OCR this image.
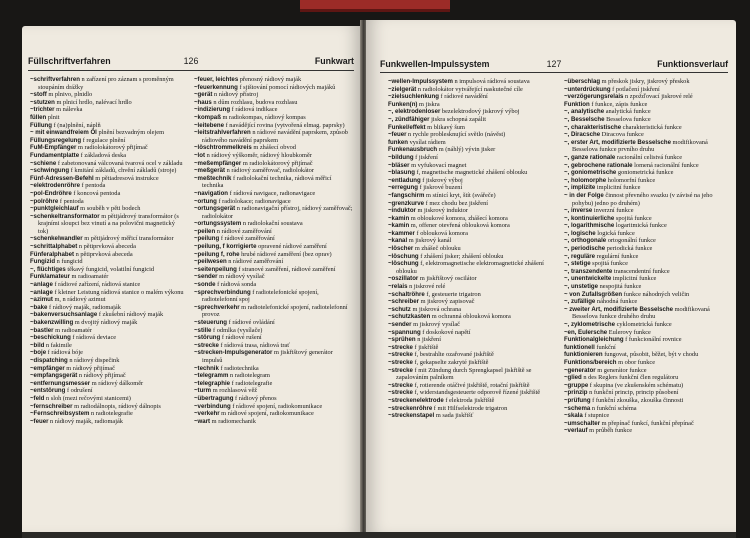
Füllschriftverfahren	126	Funkwart
~schriftverfahren n zařízení pro záznam s proměnným stoupáním drážky
~stoff m plnivo, plnidlo
~stutzen m plnicí hrdlo, nalévací hrdlo
~trichter m nálevka
füllen plnit
Füllung f (na)plnění, náplň
~ mit einwandfreiem Öl plnění bezvadným olejem
Füllungsregelung f regulace plnění
FuM-Empfänger m radiolokátorový přijímač
Fundamentplatte f základová deska
~schiene f zabetonovaná válcovaná tvarová ocel v základu
~schwingung f kmitání základů, chvění základů (stroje)
Fünf-Adressen-Befehl m pětiadresová instrukce
~elektrodenröhre f pentoda
~pol-Endröhre f koncová pentoda
~polröhre f pentoda
~punktgleichlauf m souběh v pěti bodech
~schenkeltransformator m pětijádrový transformátor (s krajními sloupci bez vinutí a na polovični magnetický tok)
~schenkelwandler m pětijádrový měřicí transformátor
~schrittalphabet n pětiprvková abeceda
Fünferalphabet n pětiprvková abeceda
Fungizid n fungicid
~, flüchtiges těkavý fungicid, volatilní fungicid
Funk/amateur m radioamatér
~anlage f rádiové zařízení, rádiová stanice
~anlage f kleiner Leistung rádiová stanice o malém výkonu
~azimut m, n rádiový azimut
~bake f rádiový maják, radiomaják
~bakenversuchsanlage f zkušební rádiový maják
~bakenzwilling m dvojitý rádiový maják
~bastler m radioamatér
~beschickung f rádiová deviace
~bild n fakimile
~boje f rádiová bóje
~dispatching n rádiový dispečink
~empfänger m rádiový přijímač
~empfangsgerät n rádiový přijímač
~entfernungsmesser m rádiový dálkoměr
~entstörung f odrušení
~feld n sloh (mezi rečovými stanicemi)
~fernschreiber m radiodálnopis, rádiový dálnopis
~Fernschreibsystem n radiotelegrafie
~feuer n rádiový maják, radiomaják
~feuer, leichtes přenosný rádiový maják
~feuerkennung f sjištování pomocí rádiových majáků
~gerät n rádiový přístroj
~haus n dům rozhlasu, budova rozhlasu
~indizierung f rádiová indikace
~kompaß m radiokompas, rádiový kompas
~leitebene f navádějící rovina (vytvořená elmag. paprsky)
~leitstrahlverfahren n rádiové navádění paprskem, způsob rádiového navádění paprskem
~löschtrommelkreis m zhášecí obvod
~lot n rádiový výškoměr, rádiový hloubkoměr
~meßempfänger m radiolokátorový přijímač
~meßgerät n rádiový zaměřovač, radiolokátor
~meßtechnik f radiolokační technika, rádiová měřicí technika
~navigation f rádiová navigace, radionavigace
~ortung f radiolokace; radionavigace
~ortungsgerät n radionavigační přístroj, rádiový zaměřovač; radiolokátor
~ortungssystem n radiolokační soustava
~peilen n rádiové zaměřování
~peilung f rádiové zaměřování
~peilung, f korrigierte opravené rádiové zaměření
~peilung f, rohe hrubé rádiové zaměření (bez oprav)
~peilwesen n rádiové zaměřování
~seitenpeilung f stranové zaměření, rádiové zaměření
~sender m rádiový vysílač
~sonde f rádiová sonda
~sprechverbindung f radiotelefonické spojení, radiotelefonní spoj
~sprechverkehr m radiotelefonické spojení, radiotelefonní provoz
~steuerung f rádiové ovládání
~stille f odmlka (vysílače)
~störung f rádiové rušení
~strecke f rádiová trasa, rádiová trať
~strecken-Impulsgenerator m jiskřištový generátor impulsů
~technik f radiotechnika
~telegramm n radiotelegram
~telegraphie f radiotelegrafie
~turm m rozhlasová věž
~übertragung f rádiový přenos
~verbindung f rádiové spojení, radiokomunikace
~verkehr m rádiové spojení, radiokomunikace
~wart m radiomechanik
Funkwellen-Impulssystem	127	Funktionsverlauf
~wellen-Impulssystem n impulsová rádiová soustava
~zielgerät n radiolokátor vytvářející naskutečné cíle
~zielsuchlenkung f rádiové navádění
Funken(n) m jiskra
~, elektrodenloser bezelektrodový jiskrový výboj
~, zündfähiger jiskra schopná zapálit
Funkel/effekt m blikavý šum
~feuer n rychle problesknující světlo (návěst)
funken vysílat rádiem
Funkenausbruch m (náhlý) vývin jisker
~bildung f jiskření
~bläser m vyfukovací magnet
~blasung f, magnetische magnetické zhášení oblouku
~entladung f jiskrový výboj
~erregung f jiskrové buzení
~fangschirm m stínicí kryt, štít (svářeče)
~grenzkurve f mez chodu bez jiskření
~induktor m jiskrový induktor
~kamin m obloukové komora, zhášecí komora
~kamin m, offener otevřená oblouková komora
~kammer f oblouková komora
~kanal m jiskrový kanál
~löscher m zhášeč oblouku
~löschung f zhášení jisker; zhášení oblouku
~löschung f, elektromagnetische elektromagnetické zhášení oblouku
~oszillator m jiskřištový oscilátor
~relais n jiskrové relé
~schaltröhre f, gesteuerte trigatron
~schreiber m jiskrový zapisovač
~schutz m jiskrová ochrana
~schutzkasten m ochranná oblouková komora
~sender m jiskrový vysílač
~spannung f doskokové napětí
~sprühen n jiskření
~strecke f jiskřiště
~strecke f, bestrahlte ozařované jiskřiště
~strecke f, gekapselte zakryté jiskřiště
~strecke f mit Zündung durch Sprengkapsel jiskřiště se zapalováním palníkem
~strecke f, rotierende otáčivé jiskřiště, rotační jiskřiště
~strecke f, widerstandsgesteuerte odporově řízené jiskřiště
~streckenelektrode f elektroda jiskřiště
~streckenröhre f mit Hilfselektrode trigatron
~streckenstapel m sada jiskřišť
~überschlag m přeskok jiskry, jiskrový přeskok
~unterdrückung f potlačení jiskření
~verzögerungsrelais n zpožďovací jiskrové relé
Funktion f funkce, zápis funkce
~, analytische analytická funkce
~, Besselsche Besselova funkce
~, charakteristische charakteristická funkce
~, Diracsche Diracova funkce
~, erster Art, modifizierte Besselsche modifikovaná Besselova funkce prvního druhu
~, ganze rationale racionální celistvá funkce
~, gebrochene rationale lomená racionální funkce
~, goniometrische goniometrická funkce
~, holomorphe holomorfní funkce
~, implizite implicitní funkce
~ in der Folge činnost převného svazku (v závisé na jeho pohybu) jedno po druhém)
~, inverse inverzní funkce
~, kontinuierliche spojitá funkce
~, logarithmische logaritmická funkce
~, logische logická funkce
~, orthogonale ortogonální funkce
~, periodische periodická funkce
~, reguläre regulární funkce
~, stetige spojitá funkce
~, transzendente transcendentní funkce
~, unentwickelte implicitní funkce
~, unstetige nespojitá funkce
~ von Zufallsgrößen funkce náhodných veličin
~, zufällige náhodná funkce
~ zweiter Art, modifizierte Besselsche modifikovaná Besselova funkce druhého druhu
~, zyklometrische cyklometrická funkce
~en, Eulersche Eulerovy funkce
Funktionalgleichung f funkcionální rovnice
funktionell funkční
funktionieren fungovat, působit, běžet, být v chodu
Funktions/bereich m obor funkce
~generator m generátor funkce
~glied n des Reglers funkční člen regulátoru
~gruppe f skupina (ve zkušenském schématu)
~prinzip n funkční princip, princip působení
~prüfung f funkční zkouška, zkouška činnosti
~schema n funkční schéma
~skala f stupnice
~umschalter m přepínač funkcí, funkční přepínač
~verlauf m průběh funkce
